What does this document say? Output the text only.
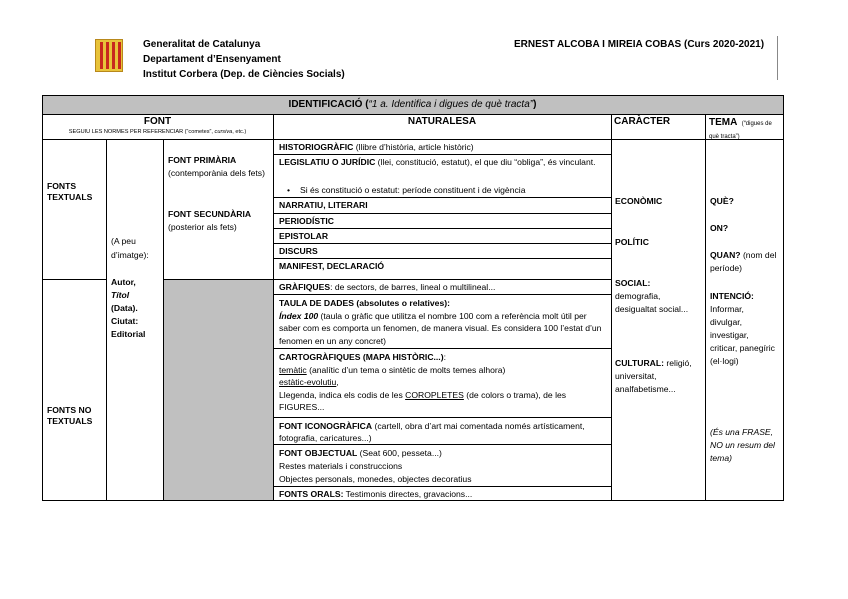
Generalitat de Catalunya
Departament d’Ensenyament
Institut Corbera (Dep. de Ciències Socials)
ERNEST ALCOBA I MIREIA COBAS (Curs 2020-2021)
IDENTIFICACIÓ (“1 a. Identifica i digues de què tracta”)
FONT
SEGUIU LES NORMES PER REFERENCIAR (“cometes”, cursiva, etc.)
NATURALESA	CARÀCTER	TEMA (“digues de què tracta”)
FONTS TEXTUALS
FONTS NO TEXTUALS
(A peu d’imatge):
Autor,
Títol
(Data).
Ciutat:
Editorial
FONT PRIMÀRIA
(contemporània dels fets)
FONT SECUNDÀRIA
(posterior als fets)
HISTORIOGRÀFIC (llibre d’història, article històric)
LEGISLATIU O JURÍDIC (llei, constitució, estatut), el que diu “obliga”, és vinculant.
• Si és constitució o estatut: període constituent i de vigència
NARRATIU, LITERARI
PERIODÍSTIC
EPISTOLAR
DISCURS
MANIFEST, DECLARACIÓ
GRÀFIQUES: de sectors, de barres, lineal o multilineal...
TAULA DE DADES (absolutes o relatives):
Índex 100 (taula o gràfic que utilitza el nombre 100 com a referència molt útil per saber com es comporta un fenomen, de manera visual. Es considera 100 l’estat d’un fenomen en un any concret)
CARTOGRÀFIQUES (MAPA HISTÒRIC...):
temàtic (analític d’un tema o sintètic de molts temes alhora)
estàtic-evolutiu,
Llegenda, indica els codis de les COROPLETES (de colors o trama), de les FIGURES...
FONT ICONOGRÀFICA (cartell, obra d’art mai comentada només artísticament, fotografia, caricatures...)
FONT OBJECTUAL (Seat 600, pesseta...)
Restes materials i construccions
Objectes personals, monedes, objectes decoratius
FONTS ORALS: Testimonis directes, gravacions...
ECONÒMIC
POLÍTIC
SOCIAL:
demografia, desigualtat social...
CULTURAL: religió, universitat, analfabetisme...
QUÈ?
ON?
QUAN? (nom del període)
INTENCIÓ:
Informar, divulgar, investigar, criticar, panegíric (el·logi)
(És una FRASE, NO un resum del tema)
